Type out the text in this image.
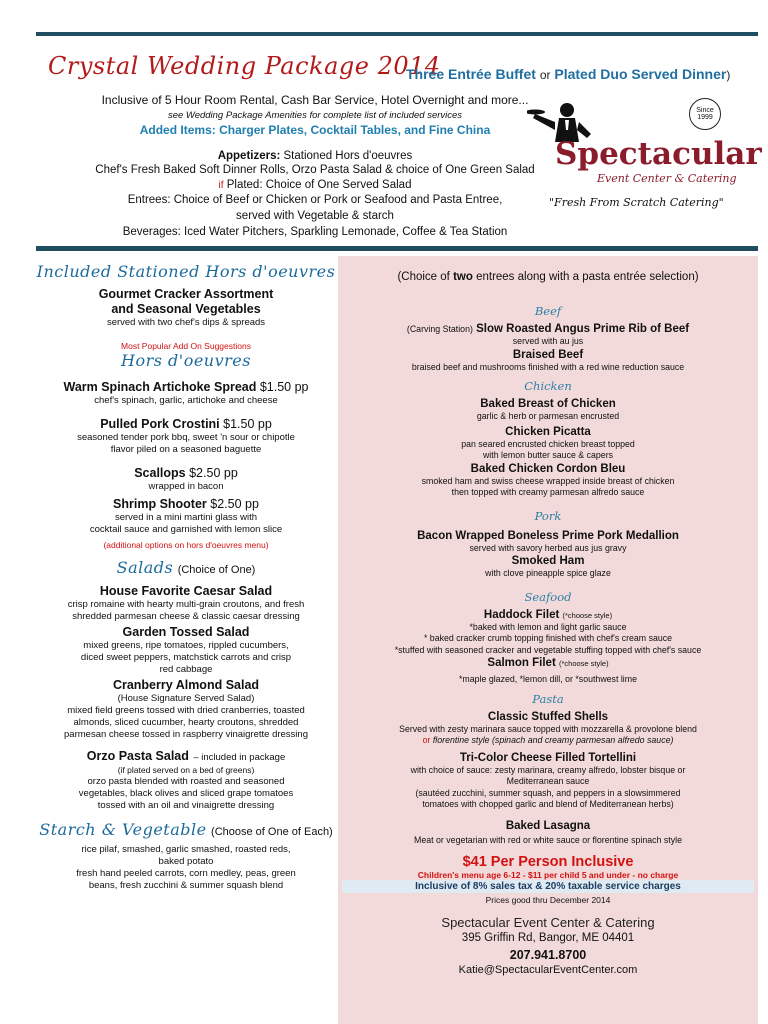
Crystal Wedding Package 2014
Three Entrée Buffet or Plated Duo Served Dinner)
Inclusive of 5 Hour Room Rental, Cash Bar Service, Hotel Overnight and more...
see Wedding Package Amenities for complete list of included services
Added Items: Charger Plates, Cocktail Tables, and Fine China
Appetizers: Stationed Hors d'oeuvres
Chef's Fresh Baked Soft Dinner Rolls, Orzo Pasta Salad & choice of One Green Salad
if Plated: Choice of One Served Salad
Entrees: Choice of Beef or Chicken or Pork or Seafood and Pasta Entree,
served with Vegetable & starch
Beverages: Iced Water Pitchers, Sparkling Lemonade, Coffee & Tea Station
Since
1999
Spectacular
Event Center & Catering
"Fresh From Scratch Catering"
Included Stationed Hors d'oeuvres
Gourmet Cracker Assortment
and Seasonal Vegetables
served with two chef's dips & spreads
Most Popular Add On Suggestions
Hors d'oeuvres
Warm Spinach Artichoke Spread $1.50 pp
chef's spinach, garlic, artichoke and cheese
Pulled Pork Crostini $1.50 pp
seasoned tender pork bbq, sweet 'n sour or chipotle
flavor piled on a seasoned baguette
Scallops $2.50 pp
wrapped in bacon
Shrimp Shooter $2.50 pp
served in a mini martini glass with
cocktail sauce and garnished with lemon slice
(additional options on hors d'oeuvres menu)
Salads (Choice of One)
House Favorite Caesar Salad
crisp romaine with hearty multi-grain croutons, and fresh
shredded parmesan cheese & classic caesar dressing
Garden Tossed Salad
mixed greens, ripe tomatoes, rippled cucumbers,
diced sweet peppers, matchstick carrots and crisp
red cabbage
Cranberry Almond Salad
(House Signature Served Salad)
mixed field greens tossed with dried cranberries, toasted
almonds, sliced cucumber, hearty croutons, shredded
parmesan cheese tossed in raspberry vinaigrette dressing
Orzo Pasta Salad – included in package
(if plated served on a bed of greens)
orzo pasta blended with roasted and seasoned
vegetables, black olives and sliced grape tomatoes
tossed with an oil and vinaigrette dressing
Starch & Vegetable (Choose of One of Each)
rice pilaf, smashed, garlic smashed, roasted reds,
baked potato
fresh hand peeled carrots, corn medley, peas, green
beans, fresh zucchini & summer squash blend
(Choice of two entrees along with a pasta entrée selection)
Beef
(Carving Station) Slow Roasted Angus Prime Rib of Beef
served with au jus
Braised Beef
braised beef and mushrooms finished with a red wine reduction sauce
Chicken
Baked Breast of Chicken
garlic & herb or parmesan encrusted
Chicken Picatta
pan seared encrusted chicken breast topped
with lemon butter sauce & capers
Baked Chicken Cordon Bleu
smoked ham and swiss cheese wrapped inside breast of chicken
then topped with creamy parmesan alfredo sauce
Pork
Bacon Wrapped Boneless Prime Pork Medallion
served with savory herbed aus jus gravy
Smoked Ham
with clove pineapple spice glaze
Seafood
Haddock Filet (*choose style)
*baked with lemon and light garlic sauce
* baked cracker crumb topping finished with chef's cream sauce
*stuffed with seasoned cracker and vegetable stuffing topped with chef's sauce
Salmon Filet (*choose style)
*maple glazed, *lemon dill, or *southwest lime
Pasta
Classic Stuffed Shells
Served with zesty marinara sauce topped with mozzarella & provolone blend
or florentine style (spinach and creamy parmesan alfredo sauce)
Tri-Color Cheese Filled Tortellini
with choice of sauce: zesty marinara, creamy alfredo, lobster bisque or
Mediterranean sauce
(sautéed zucchini, summer squash, and peppers in a slowsimmered
tomatoes with chopped garlic and blend of Mediterranean herbs)
Baked Lasagna
Meat or vegetarian with red or white sauce or florentine spinach style
$41 Per Person Inclusive
Children's menu age 6-12 - $11 per child 5 and under - no charge
Inclusive of 8% sales tax & 20% taxable service charges
Prices good thru December 2014
Spectacular Event Center & Catering
395 Griffin Rd, Bangor, ME 04401
207.941.8700
Katie@SpectacularEventCenter.com
